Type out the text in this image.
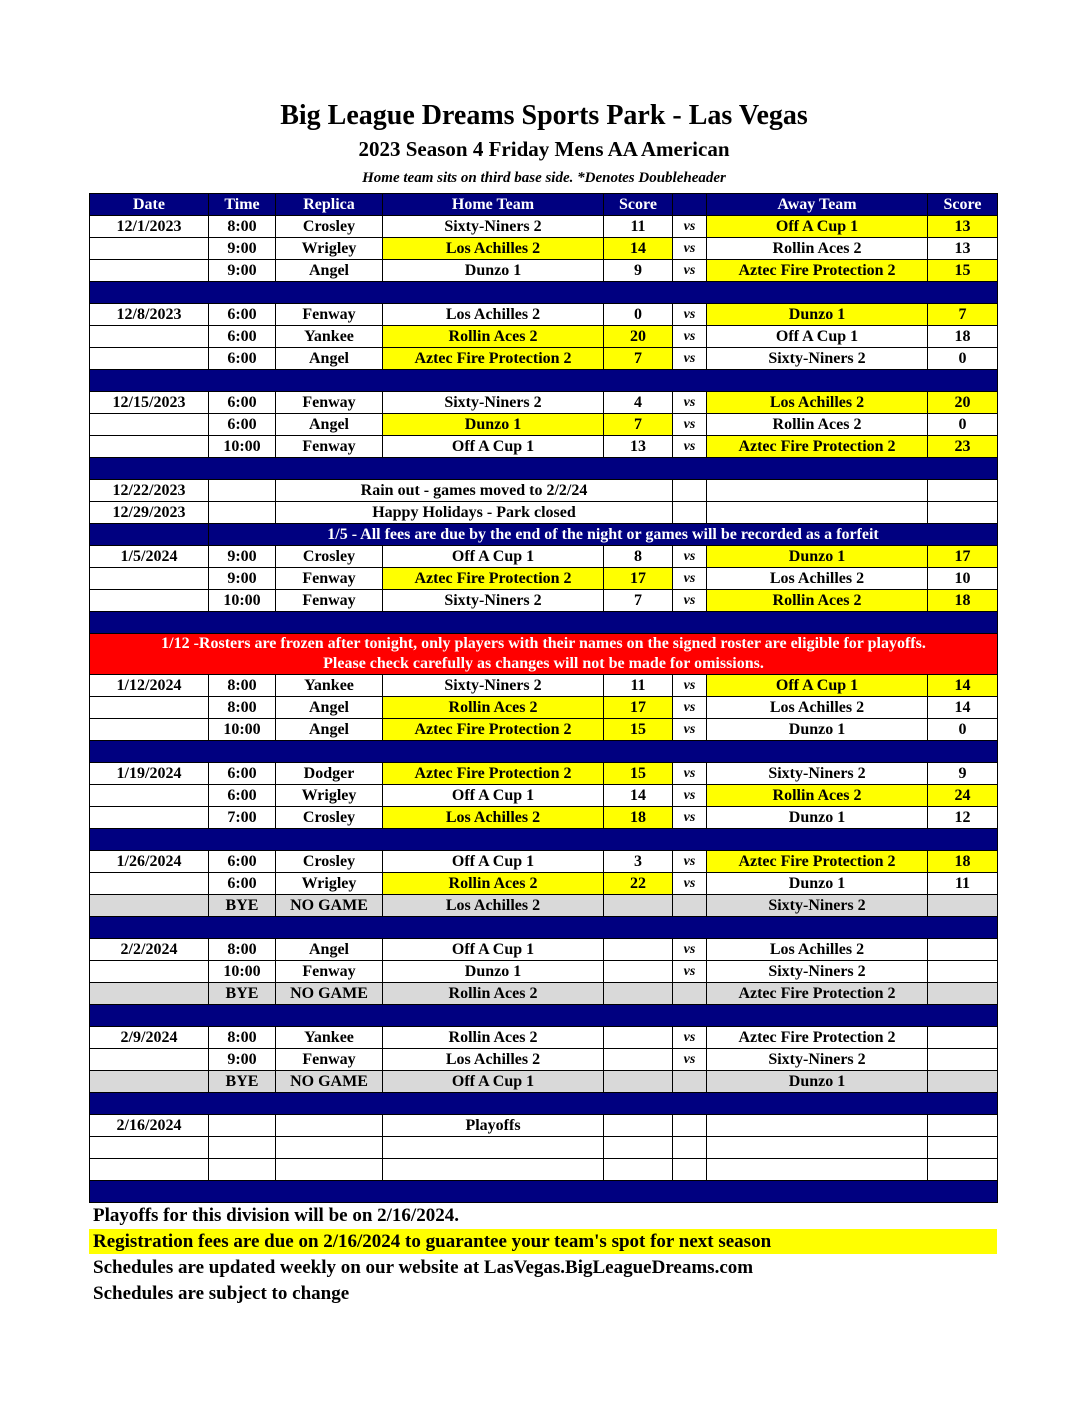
Big League Dreams Sports Park - Las Vegas
2023 Season 4 Friday Mens AA American
Home team sits on third base side. *Denotes Doubleheader
Date	Time	Replica	Home Team	Score		Away Team	Score
12/1/2023	8:00	Crosley	Sixty-Niners 2	11	vs	Off A Cup 1	13
	9:00	Wrigley	Los Achilles 2	14	vs	Rollin Aces 2	13
	9:00	Angel	Dunzo 1	9	vs	Aztec Fire Protection 2	15

12/8/2023	6:00	Fenway	Los Achilles 2	0	vs	Dunzo 1	7
	6:00	Yankee	Rollin Aces 2	20	vs	Off A Cup 1	18
	6:00	Angel	Aztec Fire Protection 2	7	vs	Sixty-Niners 2	0

12/15/2023	6:00	Fenway	Sixty-Niners 2	4	vs	Los Achilles 2	20
	6:00	Angel	Dunzo 1	7	vs	Rollin Aces 2	0
	10:00	Fenway	Off A Cup 1	13	vs	Aztec Fire Protection 2	23

12/22/2023		Rain out - games moved to 2/2/24					
12/29/2023		Happy Holidays - Park closed					
	1/5 - All fees are due by the end of the night or games will be recorded as a forfeit						
1/5/2024	9:00	Crosley	Off A Cup 1	8	vs	Dunzo 1	17
	9:00	Fenway	Aztec Fire Protection 2	17	vs	Los Achilles 2	10
	10:00	Fenway	Sixty-Niners 2	7	vs	Rollin Aces 2	18

1/12 -Rosters are frozen after tonight, only players with their names on the signed roster are eligible for playoffs.
Please check carefully as changes will not be made for omissions.							
1/12/2024	8:00	Yankee	Sixty-Niners 2	11	vs	Off A Cup 1	14
	8:00	Angel	Rollin Aces 2	17	vs	Los Achilles 2	14
	10:00	Angel	Aztec Fire Protection 2	15	vs	Dunzo 1	0

1/19/2024	6:00	Dodger	Aztec Fire Protection 2	15	vs	Sixty-Niners 2	9
	6:00	Wrigley	Off A Cup 1	14	vs	Rollin Aces 2	24
	7:00	Crosley	Los Achilles 2	18	vs	Dunzo 1	12

1/26/2024	6:00	Crosley	Off A Cup 1	3	vs	Aztec Fire Protection 2	18
	6:00	Wrigley	Rollin Aces 2	22	vs	Dunzo 1	11
	BYE	NO GAME	Los Achilles 2			Sixty-Niners 2	

2/2/2024	8:00	Angel	Off A Cup 1		vs	Los Achilles 2	
	10:00	Fenway	Dunzo 1		vs	Sixty-Niners 2	
	BYE	NO GAME	Rollin Aces 2			Aztec Fire Protection 2	

2/9/2024	8:00	Yankee	Rollin Aces 2		vs	Aztec Fire Protection 2	
	9:00	Fenway	Los Achilles 2		vs	Sixty-Niners 2	
	BYE	NO GAME	Off A Cup 1			Dunzo 1	

2/16/2024			Playoffs				

Playoffs for this division will be on 2/16/2024.
Registration fees are due on 2/16/2024 to guarantee your team's spot for next season
Schedules are updated weekly on our website at LasVegas.BigLeagueDreams.com
Schedules are subject to change
